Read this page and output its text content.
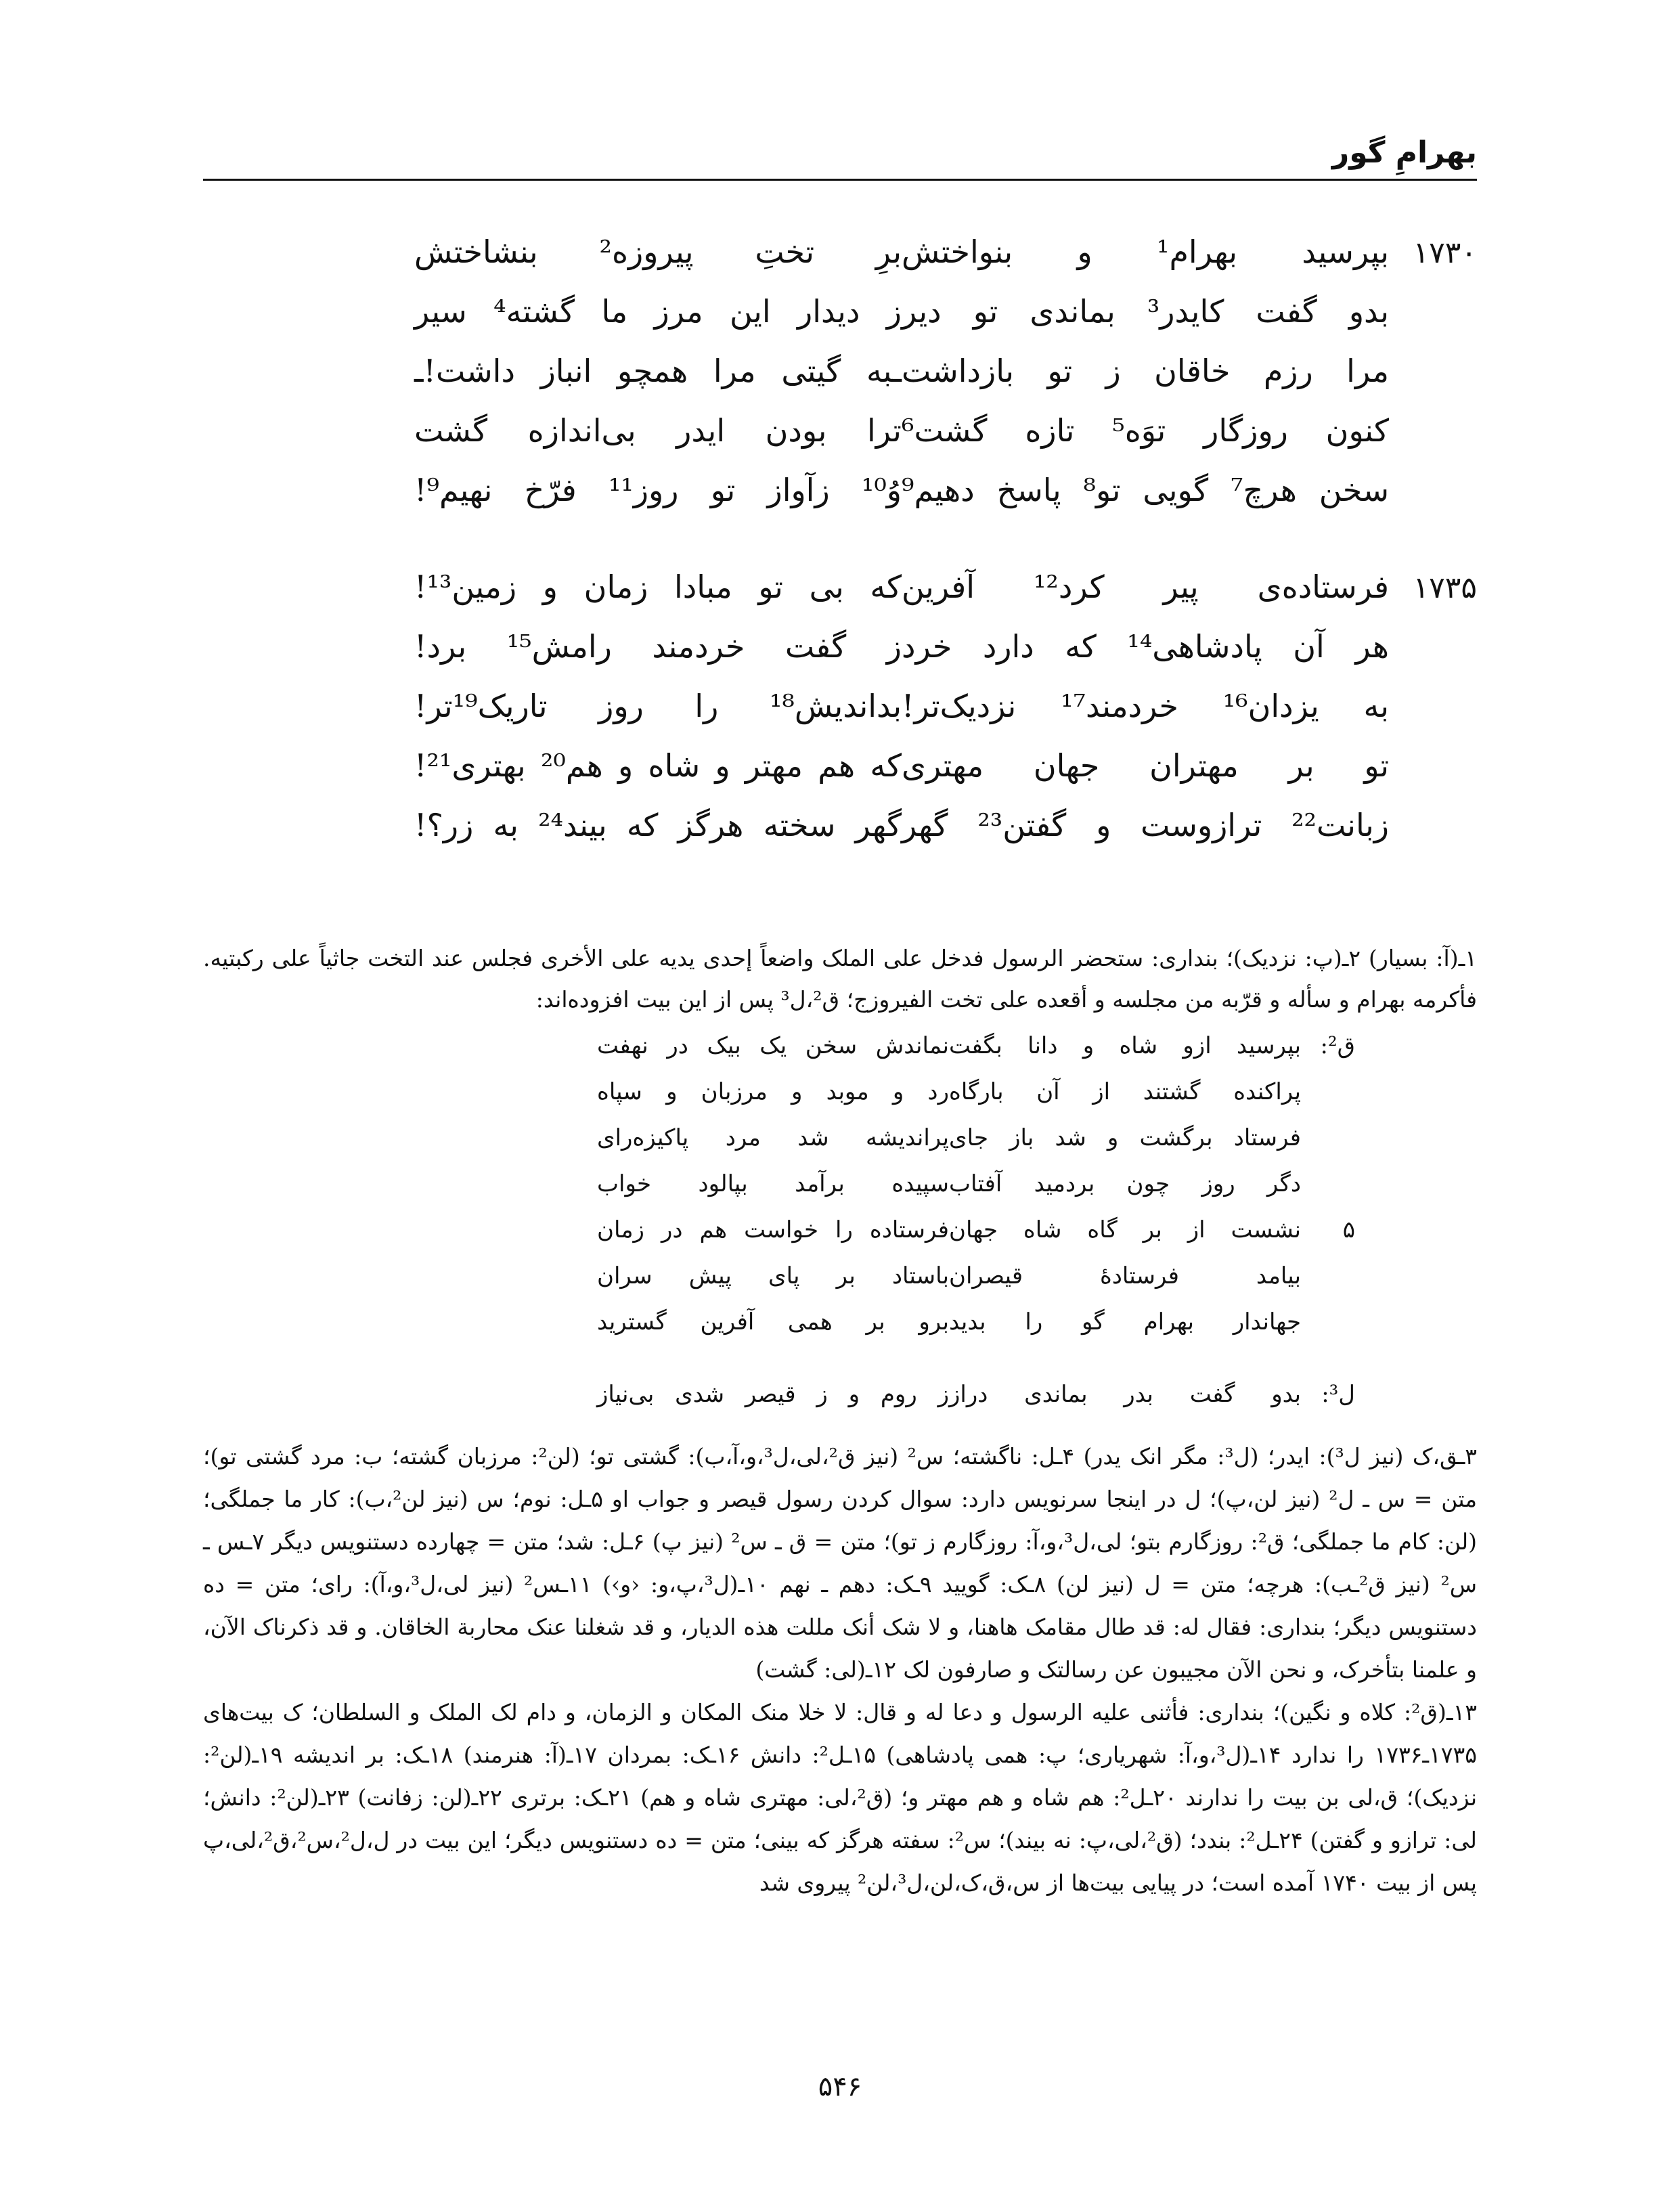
بهرامِ گور
۱۷۳۰
بپرسید بهرام¹ و بنواختش
برِ تختِ پیروزه² بنشاختش
بدو گفت کایدر³ بماندی تو دیر
ز دیدار این مرز ما گشته⁴ سیر
مرا رزم خاقان ز تو بازداشت
ـبه گیتی مرا همچو انباز داشت!ـ
کنون روزگار توَه⁵ تازه گشت⁶
ترا بودن ایدر بی‌اندازه گشت
سخن هرچ⁷ گویی تو⁸ پاسخ دهیم⁹
وُ¹⁰ زآواز تو روز¹¹ فرّخ نهیم⁹!
۱۷۳۵
فرستاده‌ی پیر کرد¹² آفرین
که بی تو مبادا زمان و زمین¹³!
هر آن پادشاهی¹⁴ که دارد خرد
ز گفت خردمند رامش¹⁵ برد!
به یزدان¹⁶ خردمند¹⁷ نزدیک‌تر!
بداندیش¹⁸ را روز تاریک¹⁹تر!
تو بر مهتران جهان مهتری
که هم مهتر و شاه و هم²⁰ بهتری²¹!
زبانت²² ترازوست و گفتن²³ گهر
گهر سخته هرگز که بیند²⁴ به زر؟!

۱ـ(آ: بسیار) ۲ـ(پ: نزدیک)؛ بنداری: ستحضر الرسول فدخل علی الملک واضعاً إحدی یدیه علی الأخری فجلس عند التخت جاثیاً علی رکبتیه. فأکرمه بهرام و سأله و قرّبه من مجلسه و أقعده علی تخت الفیروزج؛ ق²،ل³ پس از این بیت افزوده‌اند:

ق²:
بپرسید ازو شاه و دانا بگفت
نماندش سخن یک بیک در نهفت
پراکنده گشتند از آن بارگاه
رد و موبد و مرزبان و سپاه
فرستاد برگشت و شد باز جای
پراندیشه شد مرد پاکیزه‌رای
دگر روز چون بردمید آفتاب
سپیده برآمد بپالود خواب
۵
نشست از بر گاه شاه جهان
فرستاده را خواست هم در زمان
بیامد فرستادهٔ قیصران
باستاد بر پای پیش سران
جهاندار بهرام گو را بدید
برو بر همی آفرین گسترید
ل³:
بدو گفت بدر بماندی دراز
ز روم و ز قیصر شدی بی‌نیاز

۳ـق،ک (نیز ل³): ایدر؛ (ل³: مگر انک یدر) ۴ـل: ناگشته؛ س² (نیز ق²،لی،ل³،و،آ،ب): گشتی تو؛ (لن²: مرزبان گشته؛ ب: مرد گشتی تو)؛ متن = س ـ ل² (نیز لن،پ)؛ ل در اینجا سرنویس دارد: سوال کردن رسول قیصر و جواب او ۵ـل: نوم؛ س (نیز لن²،ب): کار ما جملگی؛ (لن: کام ما جملگی؛ ق²: روزگارم بتو؛ لی،ل³،و،آ: روزگارم ز تو)؛ متن = ق ـ س² (نیز پ) ۶ـل: شد؛ متن = چهارده دستنویس دیگر ۷ـس ـ س² (نیز ق²ـب): هرچه؛ متن = ل (نیز لن) ۸ـک: گویید ۹ـک: دهم ـ نهم ۱۰ـ(ل³،پ،و: ‹و›) ۱۱ـس² (نیز لی،ل³،و،آ): رای؛ متن = ده دستنویس دیگر؛ بنداری: فقال له: قد طال مقامک هاهنا، و لا شک أنک مللت هذه الدیار، و قد شغلنا عنک محاربة الخاقان. و قد ذکرناک الآن، و علمنا بتأخرک، و نحن الآن مجیبون عن رسالتک و صارفون لک ۱۲ـ(لی: گشت)

۱۳ـ(ق²: کلاه و نگین)؛ بنداری: فأثنی علیه الرسول و دعا له و قال: لا خلا منک المکان و الزمان، و دام لک الملک و السلطان؛ ک بیت‌های ۱۷۳۵ـ۱۷۳۶ را ندارد ۱۴ـ(ل³،و،آ: شهریاری؛ پ: همی پادشاهی) ۱۵ـل²: دانش ۱۶ـک: بمردان ۱۷ـ(آ: هنرمند) ۱۸ـک: بر اندیشه ۱۹ـ(لن²: نزدیک)؛ ق،لی بن بیت را ندارند ۲۰ـل²: هم شاه و هم مهتر و؛ (ق²،لی: مهتری شاه و هم) ۲۱ـک: برتری ۲۲ـ(لن: زفانت) ۲۳ـ(لن²: دانش؛ لی: ترازو و گفتن) ۲۴ـل²: بندد؛ (ق²،لی،پ: نه بیند)؛ س²: سفته هرگز که بینی؛ متن = ده دستنویس دیگر؛ این بیت در ل،ل²،س²،ق²،لی،پ پس از بیت ۱۷۴۰ آمده است؛ در پیایی بیت‌ها از س،ق،ک،لن،ل³،لن² پیروی شد

۵۴۶
